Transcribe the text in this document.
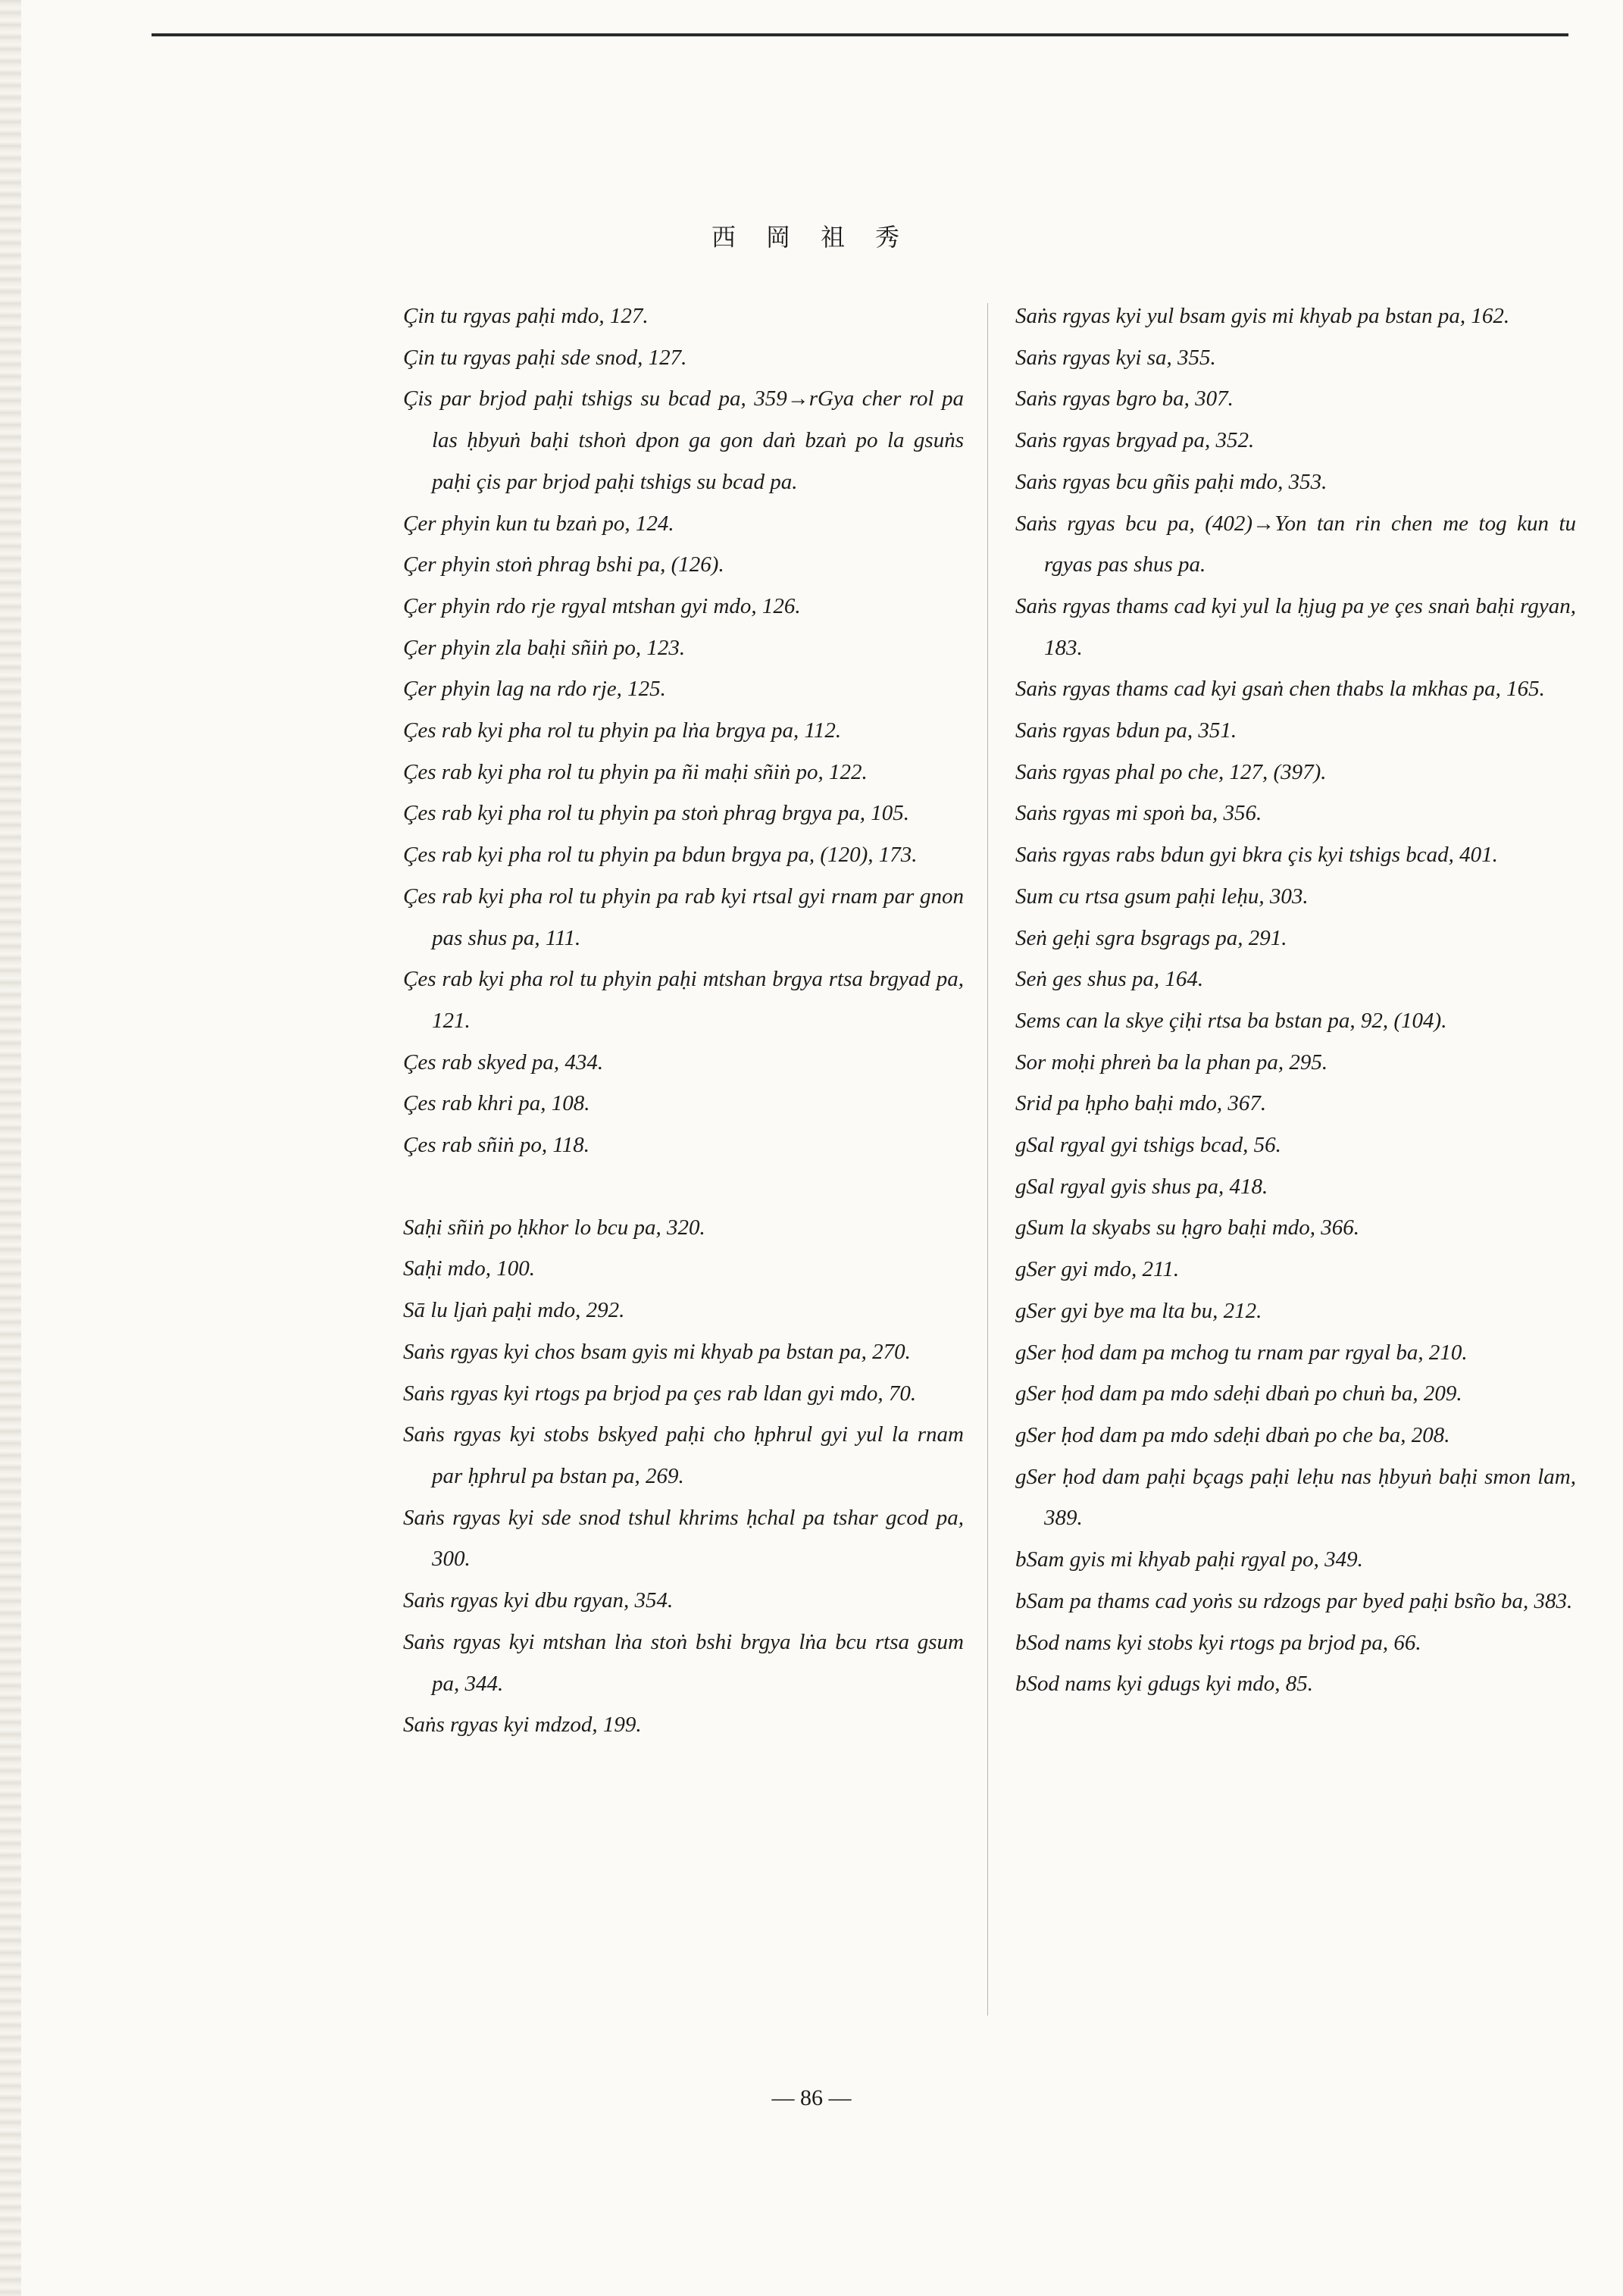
西 岡 祖 秀

Çin tu rgyas paḥi mdo, 127.

Çin tu rgyas paḥi sde snod, 127.

Çis par brjod paḥi tshigs su bcad pa, 359→rGya cher rol pa las ḥbyuṅ baḥi tshoṅ dpon ga gon daṅ bzaṅ po la gsuṅs paḥi çis par brjod paḥi tshigs su bcad pa.

Çer phyin kun tu bzaṅ po, 124.

Çer phyin stoṅ phrag bshi pa, (126).

Çer phyin rdo rje rgyal mtshan gyi mdo, 126.

Çer phyin zla baḥi sñiṅ po, 123.

Çer phyin lag na rdo rje, 125.

Çes rab kyi pha rol tu phyin pa lṅa brgya pa, 112.

Çes rab kyi pha rol tu phyin pa ñi maḥi sñiṅ po, 122.

Çes rab kyi pha rol tu phyin pa stoṅ phrag brgya pa, 105.

Çes rab kyi pha rol tu phyin pa bdun brgya pa, (120), 173.

Çes rab kyi pha rol tu phyin pa rab kyi rtsal gyi rnam par gnon pas shus pa, 111.

Çes rab kyi pha rol tu phyin paḥi mtshan brgya rtsa brgyad pa, 121.

Çes rab skyed pa, 434.

Çes rab khri pa, 108.

Çes rab sñiṅ po, 118.

Saḥi sñiṅ po ḥkhor lo bcu pa, 320.

Saḥi mdo, 100.

Sā lu ljaṅ paḥi mdo, 292.

Saṅs rgyas kyi chos bsam gyis mi khyab pa bstan pa, 270.

Saṅs rgyas kyi rtogs pa brjod pa çes rab ldan gyi mdo, 70.

Saṅs rgyas kyi stobs bskyed paḥi cho ḥphrul gyi yul la rnam par ḥphrul pa bstan pa, 269.

Saṅs rgyas kyi sde snod tshul khrims ḥchal pa tshar gcod pa, 300.

Saṅs rgyas kyi dbu rgyan, 354.

Saṅs rgyas kyi mtshan lṅa stoṅ bshi brgya lṅa bcu rtsa gsum pa, 344.

Saṅs rgyas kyi mdzod, 199.

Saṅs rgyas kyi yul bsam gyis mi khyab pa bstan pa, 162.

Saṅs rgyas kyi sa, 355.

Saṅs rgyas bgro ba, 307.

Saṅs rgyas brgyad pa, 352.

Saṅs rgyas bcu gñis paḥi mdo, 353.

Saṅs rgyas bcu pa, (402)→Yon tan rin chen me tog kun tu rgyas pas shus pa.

Saṅs rgyas thams cad kyi yul la ḥjug pa ye çes snaṅ baḥi rgyan, 183.

Saṅs rgyas thams cad kyi gsaṅ chen thabs la mkhas pa, 165.

Saṅs rgyas bdun pa, 351.

Saṅs rgyas phal po che, 127, (397).

Saṅs rgyas mi spoṅ ba, 356.

Saṅs rgyas rabs bdun gyi bkra çis kyi tshigs bcad, 401.

Sum cu rtsa gsum paḥi leḥu, 303.

Seṅ geḥi sgra bsgrags pa, 291.

Seṅ ges shus pa, 164.

Sems can la skye çiḥi rtsa ba bstan pa, 92, (104).

Sor moḥi phreṅ ba la phan pa, 295.

Srid pa ḥpho baḥi mdo, 367.

gSal rgyal gyi tshigs bcad, 56.

gSal rgyal gyis shus pa, 418.

gSum la skyabs su ḥgro baḥi mdo, 366.

gSer gyi mdo, 211.

gSer gyi bye ma lta bu, 212.

gSer ḥod dam pa mchog tu rnam par rgyal ba, 210.

gSer ḥod dam pa mdo sdeḥi dbaṅ po chuṅ ba, 209.

gSer ḥod dam pa mdo sdeḥi dbaṅ po che ba, 208.

gSer ḥod dam paḥi bçags paḥi leḥu nas ḥbyuṅ baḥi smon lam, 389.

bSam gyis mi khyab paḥi rgyal po, 349.

bSam pa thams cad yoṅs su rdzogs par byed paḥi bsño ba, 383.

bSod nams kyi stobs kyi rtogs pa brjod pa, 66.

bSod nams kyi gdugs kyi mdo, 85.

— 86 —
